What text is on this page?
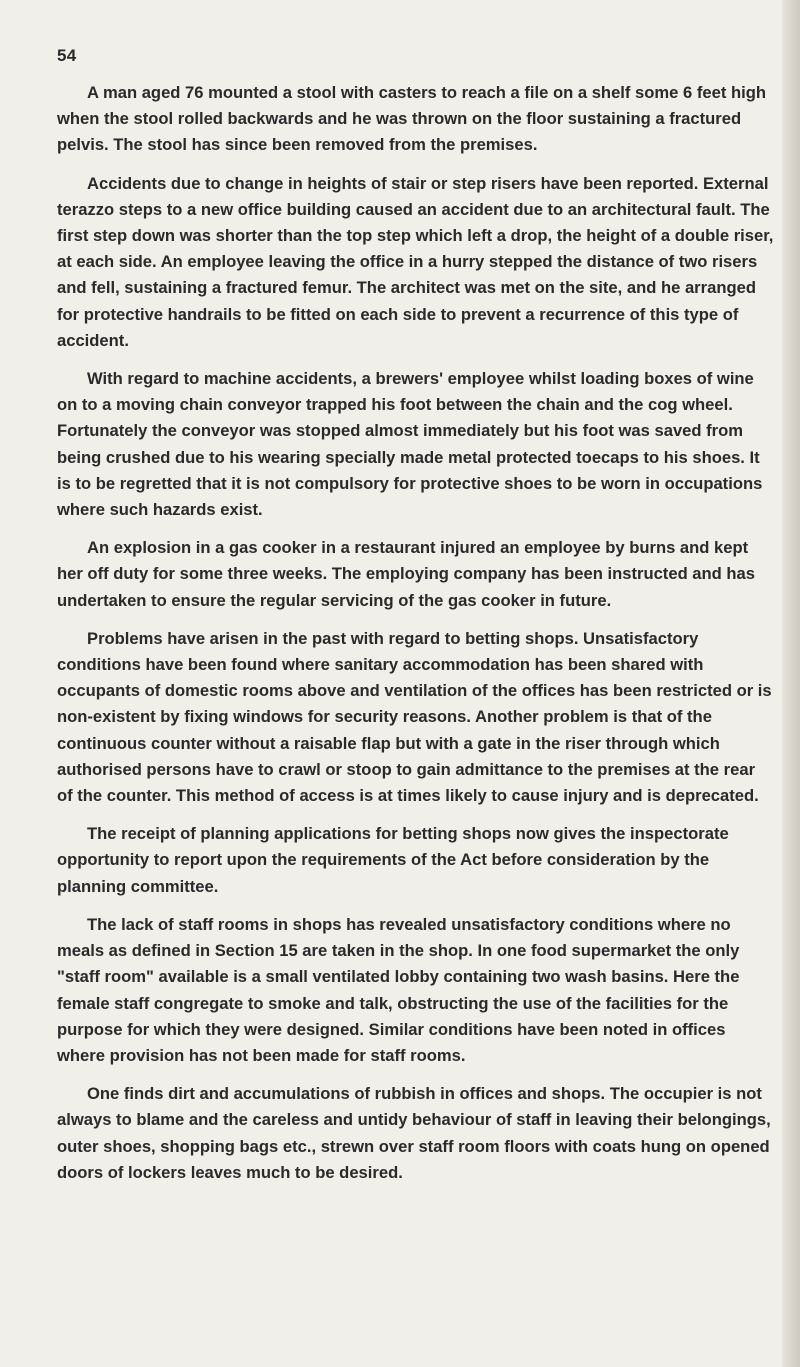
54

A man aged 76 mounted a stool with casters to reach a file on a shelf some 6 feet high when the stool rolled backwards and he was thrown on the floor sustaining a fractured pelvis. The stool has since been removed from the premises.

Accidents due to change in heights of stair or step risers have been reported. External terazzo steps to a new office building caused an accident due to an architectural fault. The first step down was shorter than the top step which left a drop, the height of a double riser, at each side. An employee leaving the office in a hurry stepped the distance of two risers and fell, sustaining a fractured femur. The architect was met on the site, and he arranged for protective handrails to be fitted on each side to prevent a recurrence of this type of accident.

With regard to machine accidents, a brewers' employee whilst loading boxes of wine on to a moving chain conveyor trapped his foot between the chain and the cog wheel. Fortunately the conveyor was stopped almost immediately but his foot was saved from being crushed due to his wearing specially made metal protected toecaps to his shoes. It is to be regretted that it is not compulsory for protective shoes to be worn in occupations where such hazards exist.

An explosion in a gas cooker in a restaurant injured an employee by burns and kept her off duty for some three weeks. The employing company has been instructed and has undertaken to ensure the regular servicing of the gas cooker in future.

Problems have arisen in the past with regard to betting shops. Unsatisfactory conditions have been found where sanitary accommodation has been shared with occupants of domestic rooms above and ventilation of the offices has been restricted or is non-existent by fixing windows for security reasons. Another problem is that of the continuous counter without a raisable flap but with a gate in the riser through which authorised persons have to crawl or stoop to gain admittance to the premises at the rear of the counter. This method of access is at times likely to cause injury and is deprecated.

The receipt of planning applications for betting shops now gives the inspectorate opportunity to report upon the requirements of the Act before consideration by the planning committee.

The lack of staff rooms in shops has revealed unsatisfactory conditions where no meals as defined in Section 15 are taken in the shop. In one food supermarket the only "staff room" available is a small ventilated lobby containing two wash basins. Here the female staff congregate to smoke and talk, obstructing the use of the facilities for the purpose for which they were designed. Similar conditions have been noted in offices where provision has not been made for staff rooms.

One finds dirt and accumulations of rubbish in offices and shops. The occupier is not always to blame and the careless and untidy behaviour of staff in leaving their belongings, outer shoes, shopping bags etc., strewn over staff room floors with coats hung on opened doors of lockers leaves much to be desired.
